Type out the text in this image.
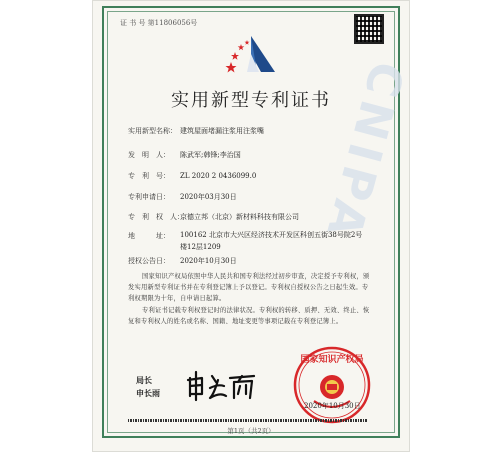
CNIPA
证 书 号 第11806056号
实用新型专利证书
实用新型名称： 建筑屋面堵漏注浆用注浆嘴
发　明　人： 陈武军;韩锋;李治国
专　利　号： ZL 2020 2 0436099.0
专利申请日： 2020年03月30日
专　利　权　人：京德立邦（北京）新材料科技有限公司
地　　　址：	100162 北京市大兴区经济技术开发区科创五街38号院2号
楼12层1209
授权公告日： 2020年10月30日
国家知识产权局依照中华人民共和国专利法经过初步审查，决定授予专利权，颁发实用新型专利证书并在专利登记簿上予以登记。专利权自授权公告之日起生效。专利权期限为十年，自申请日起算。
专利证书记载专利权登记时的法律状况。专利权的转移、质押、无效、终止、恢复和专利权人的姓名或名称、国籍、地址变更等事项记载在专利登记簿上。
局长
申长雨
国家知识产权局
2020年10月30日
第1页（共2页）
